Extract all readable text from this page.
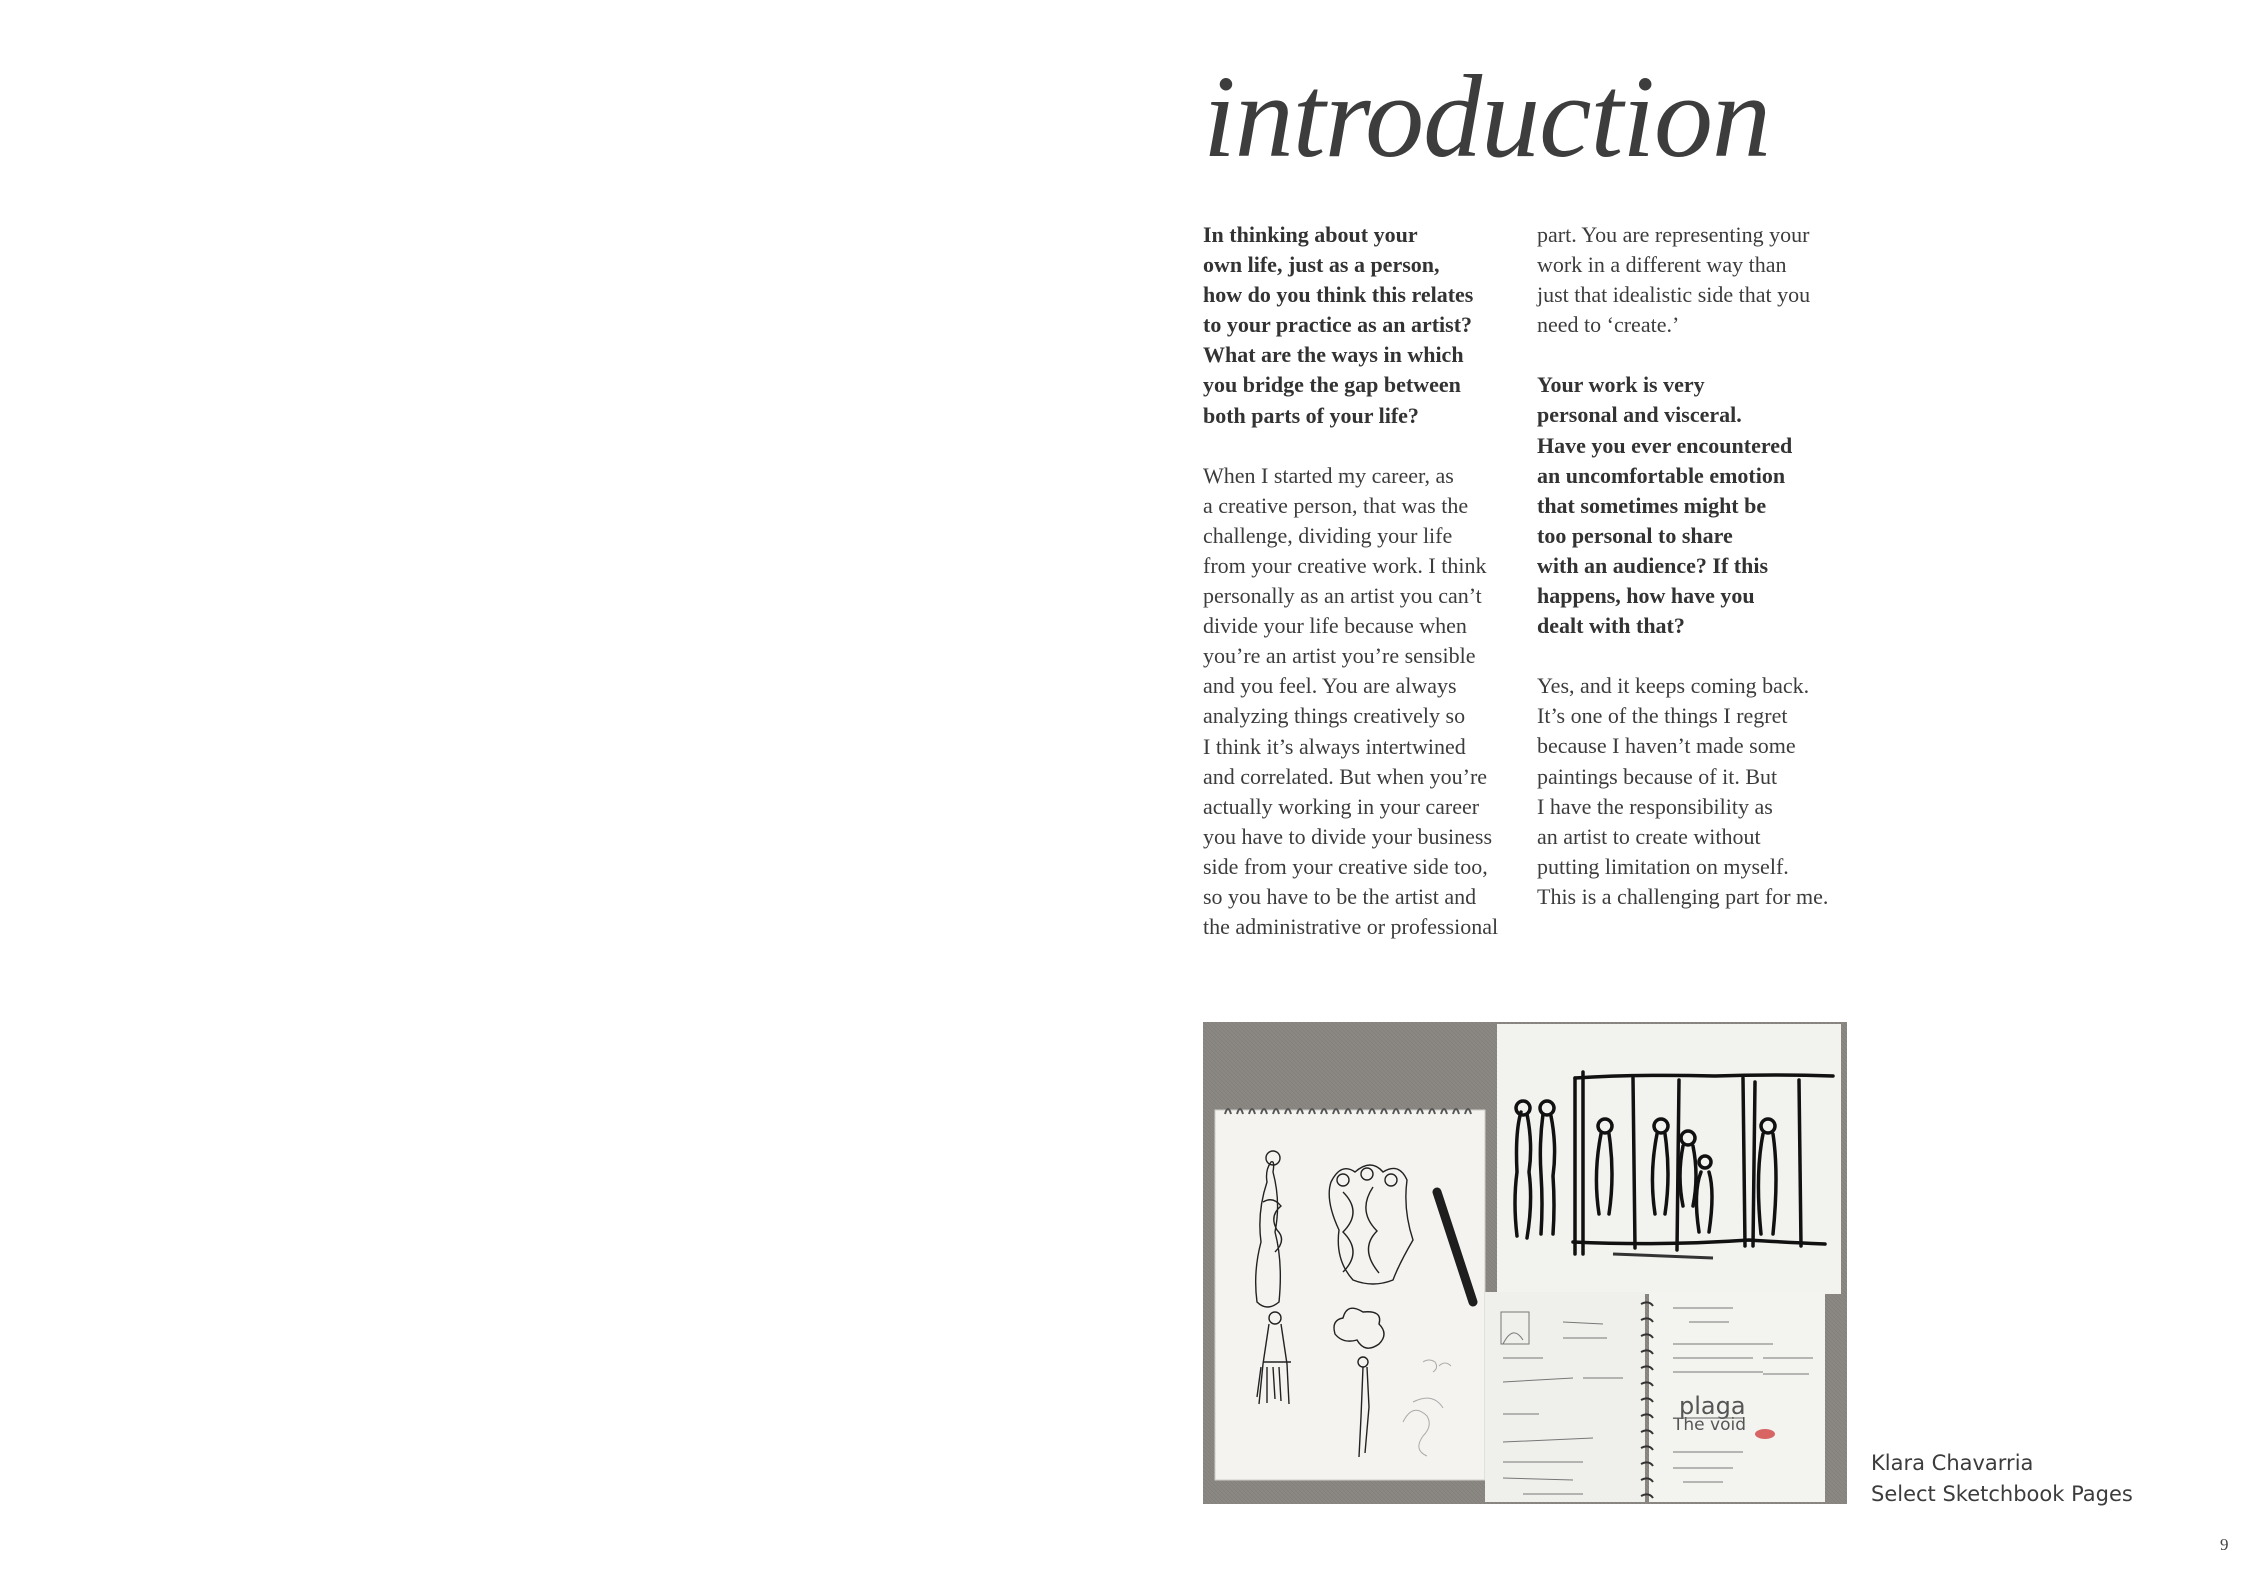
introduction
In thinking about your
own life, just as a person,
how do you think this relates
to your practice as an artist?
What are the ways in which
you bridge the gap between
both parts of your life?
When I started my career, as
a creative person, that was the
challenge, dividing your life
from your creative work. I think
personally as an artist you can’t
divide your life because when
you’re an artist you’re sensible
and you feel. You are always
analyzing things creatively so
I think it’s always intertwined
and correlated. But when you’re
actually working in your career
you have to divide your business
side from your creative side too,
so you have to be the artist and
the administrative or professional
part. You are representing your
work in a different way than
just that idealistic side that you
need to ‘create.’
Your work is very
personal and visceral.
Have you ever encountered
an uncomfortable emotion
that sometimes might be
too personal to share
with an audience? If this
happens, how have you
dealt with that?
Yes, and it keeps coming back.
It’s one of the things I regret
because I haven’t made some
paintings because of it. But
I have the responsibility as
an artist to create without
putting limitation on myself.
This is a challenging part for me.
plaga
The void
Klara Chavarria
Select Sketchbook Pages
9
